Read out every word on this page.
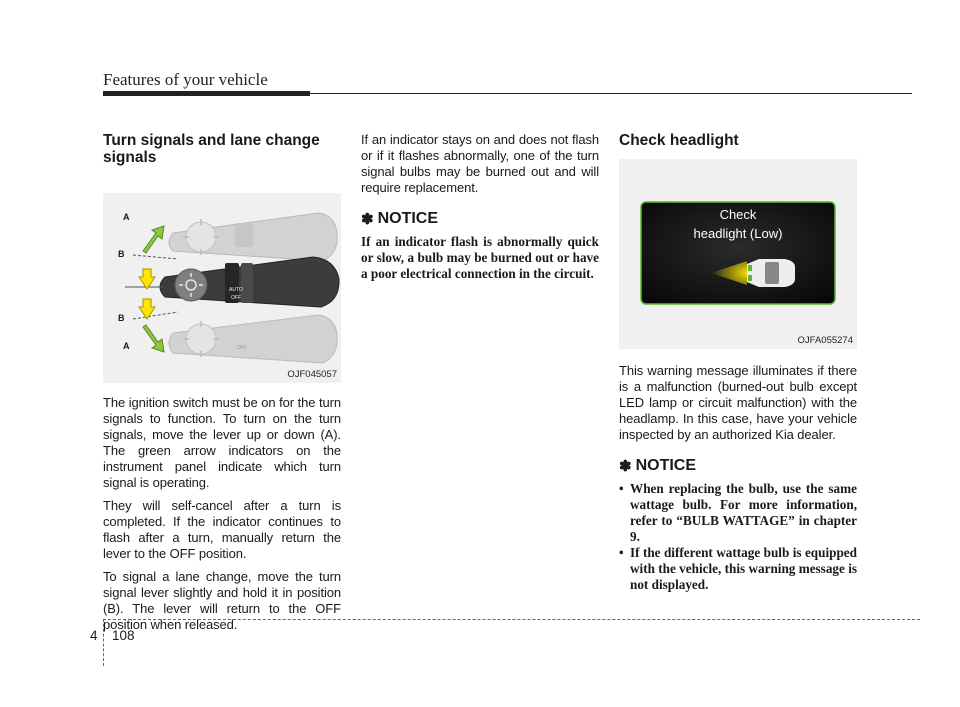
Features of your vehicle
Turn signals and lane change signals
A
B
B
A
AUTO
OFF
OFF
OJF045057

The ignition switch must be on for the turn signals to function. To turn on the turn signals, move the lever up or down (A). The green arrow indicators on the instrument panel indicate which turn signal is operating.

They will self-cancel after a turn is completed. If the indicator continues to flash after a turn, manually return the lever to the OFF position.

To signal a lane change, move the turn signal lever slightly and hold it in position (B). The lever will return to the OFF position when released.

If an indicator stays on and does not flash or if it flashes abnormally, one of the turn signal bulbs may be burned out and will require replacement.

✽ NOTICE

If an indicator flash is abnormally quick or slow, a bulb may be burned out or have a poor electrical connection in the circuit.

Check headlight
Check
headlight (Low)
OJFA055274

This warning message illuminates if there is a malfunction (burned-out bulb except LED lamp or circuit malfunction) with the headlamp. In this case, have your vehicle inspected by an authorized Kia dealer.

✽ NOTICE
• When replacing the bulb, use the same wattage bulb. For more information, refer to “BULB WATTAGE” in chapter 9.
• If the different wattage bulb is equipped with the vehicle, this warning message is not displayed.
4 108
